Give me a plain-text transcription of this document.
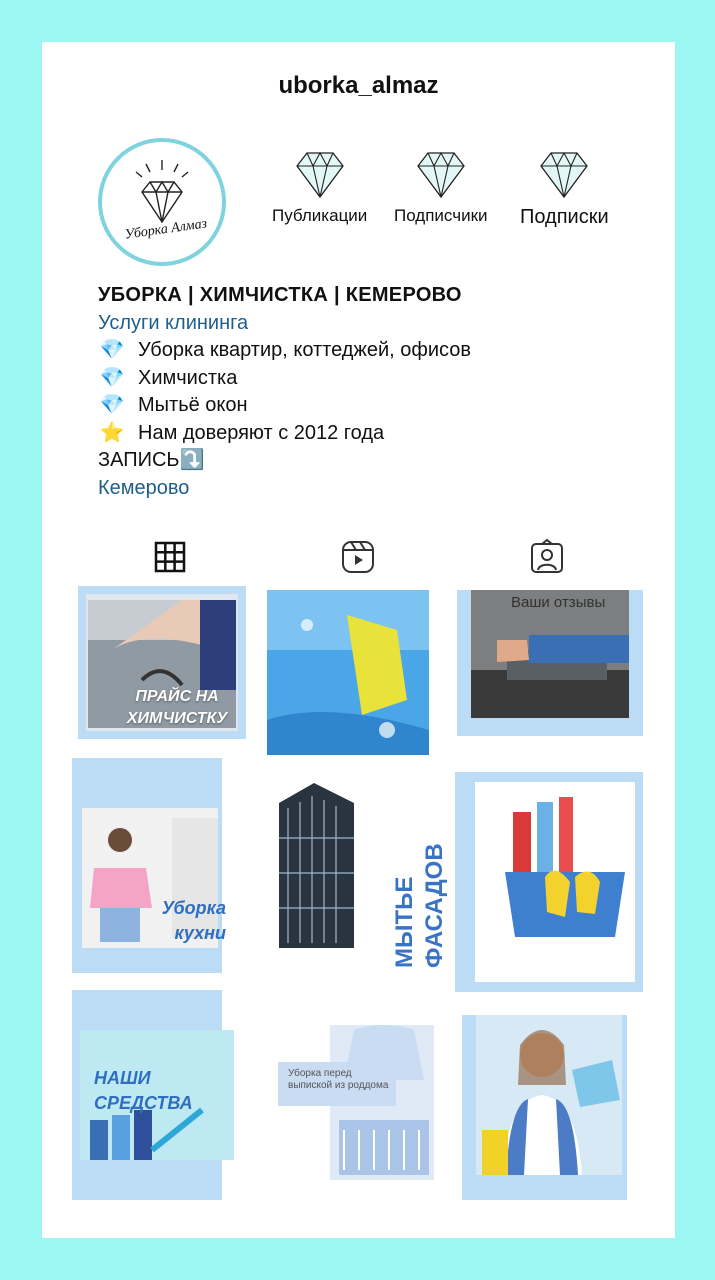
uborka_almaz
Уборка Алмаз
Публикации Подписчики Подписки
УБОРКА | ХИМЧИСТКА | КЕМЕРОВО
Услуги клининга
💎 Уборка квартир, коттеджей, офисов
💎 Химчистка
💎 Мытьё окон
⭐ Нам доверяют с 2012 года
ЗАПИСЬ⤵️
Кемерово
ПРАЙС НА ХИМЧИСТКУ
Ваши отзывы
Уборка кухни	МЫТЬЕ ФАСАДОВ
НАШИ СРЕДСТВА
Уборка перед выпиской из роддома
